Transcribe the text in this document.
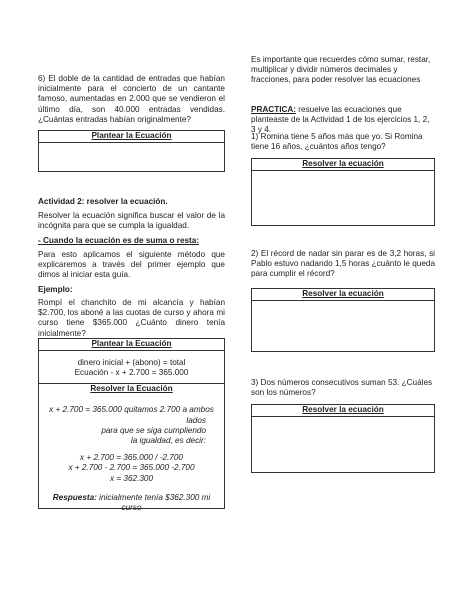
6) El doble de la cantidad de entradas que habían inicialmente para el concierto de un cantante famoso, aumentadas en 2.000 que se vendieron el último día, son 40.000 entradas vendidas. ¿Cuántas entradas habían originalmente?

Plantear la Ecuación

Actividad 2: resolver la ecuación.

Resolver la ecuación significa buscar el valor de la incógnita para que se cumpla la igualdad.

- Cuando la ecuación es de suma o resta:

Para esto aplicamos el siguiente método que explicaremos a través del primer ejemplo que dimos al iniciar esta guía.

Ejemplo:

Rompí el chanchito de mi alcancía y habían $2.700, los aboné a las cuotas de curso y ahora mi curso tiene $365.000 ¿Cuánto dinero tenía inicialmente?

Plantear la Ecuación

dinero inicial + (abono) = total

Ecuación - x + 2.700 = 365.000

Resolver la Ecuación

x + 2.700 = 365.000 quitamos 2.700 a ambos

lados

para que se siga cumpliendo

la igualdad, es decir:

x + 2.700 = 365.000 / -2.700

x + 2.700 - 2.700 = 365.000 -2.700

x = 362.300

Respuesta: inicialmente tenía $362.300 mi curso

Es importante que recuerdes cómo sumar, restar, multiplicar y dividir números decimales y fracciones, para poder resolver las ecuaciones

PRACTICA: resuelve las ecuaciones que planteaste de la Actividad 1 de los ejercicios 1, 2, 3 y 4.

1) Romina tiene 5 años más que yo. Si Romina tiene 16 años, ¿cuántos años tengo?

Resolver la ecuación

2) El récord de nadar sin parar es de 3,2 horas, si Pablo estuvo nadando 1,5 horas ¿cuánto le queda para cumplir el récord?

Resolver la ecuación

3) Dos números consecutivos suman 53. ¿Cuáles son los números?

Resolver la ecuación
